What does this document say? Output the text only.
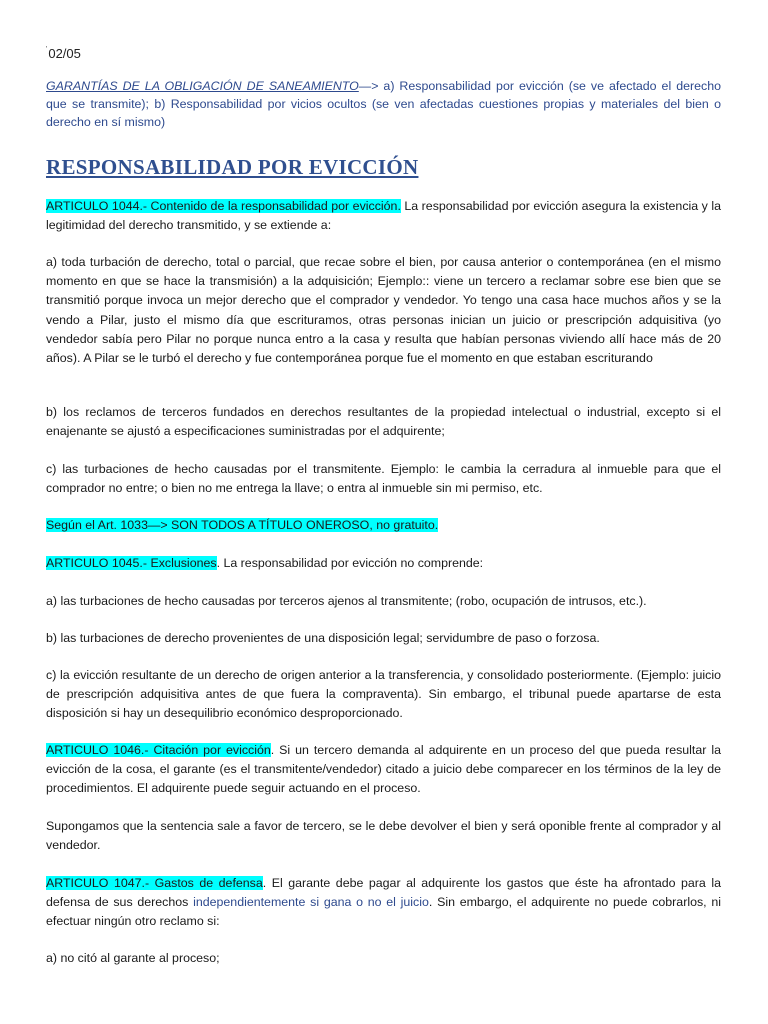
'02/05

GARANTÍAS DE LA OBLIGACIÓN DE SANEAMIENTO—> a) Responsabilidad por evicción (se ve afectado el derecho que se transmite); b) Responsabilidad por vicios ocultos (se ven afectadas cuestiones propias y materiales del bien o derecho en sí mismo)

RESPONSABILIDAD POR EVICCIÓN

ARTICULO 1044.- Contenido de la responsabilidad por evicción. La responsabilidad por evicción asegura la existencia y la legitimidad del derecho transmitido, y se extiende a:

a) toda turbación de derecho, total o parcial, que recae sobre el bien, por causa anterior o contemporánea (en el mismo momento en que se hace la transmisión) a la adquisición; Ejemplo:: viene un tercero a reclamar sobre ese bien que se transmitió porque invoca un mejor derecho que el comprador y vendedor. Yo tengo una casa hace muchos años y se la vendo a Pilar, justo el mismo día que escrituramos, otras personas inician un juicio or prescripción adquisitiva (yo vendedor sabía pero Pilar no porque nunca entro a la casa y resulta que habían personas viviendo allí hace más de 20 años). A Pilar se le turbó el derecho y fue contemporánea porque fue el momento en que estaban escriturando

b) los reclamos de terceros fundados en derechos resultantes de la propiedad intelectual o industrial, excepto si el enajenante se ajustó a especificaciones suministradas por el adquirente;

c) las turbaciones de hecho causadas por el transmitente. Ejemplo: le cambia la cerradura al inmueble para que el comprador no entre; o bien no me entrega la llave; o entra al inmueble sin mi permiso, etc.

Según el Art. 1033—> SON TODOS A TÍTULO ONEROSO, no gratuito.

ARTICULO 1045.- Exclusiones. La responsabilidad por evicción no comprende:

a) las turbaciones de hecho causadas por terceros ajenos al transmitente; (robo, ocupación de intrusos, etc.).

b) las turbaciones de derecho provenientes de una disposición legal; servidumbre de paso o forzosa.

c) la evicción resultante de un derecho de origen anterior a la transferencia, y consolidado posteriormente. (Ejemplo: juicio de prescripción adquisitiva antes de que fuera la compraventa). Sin embargo, el tribunal puede apartarse de esta disposición si hay un desequilibrio económico desproporcionado.

ARTICULO 1046.- Citación por evicción. Si un tercero demanda al adquirente en un proceso del que pueda resultar la evicción de la cosa, el garante (es el transmitente/vendedor) citado a juicio debe comparecer en los términos de la ley de procedimientos. El adquirente puede seguir actuando en el proceso.

Supongamos que la sentencia sale a favor de tercero, se le debe devolver el bien y será oponible frente al comprador y al vendedor.

ARTICULO 1047.- Gastos de defensa. El garante debe pagar al adquirente los gastos que éste ha afrontado para la defensa de sus derechos independientemente si gana o no el juicio. Sin embargo, el adquirente no puede cobrarlos, ni efectuar ningún otro reclamo si:

a) no citó al garante al proceso;
